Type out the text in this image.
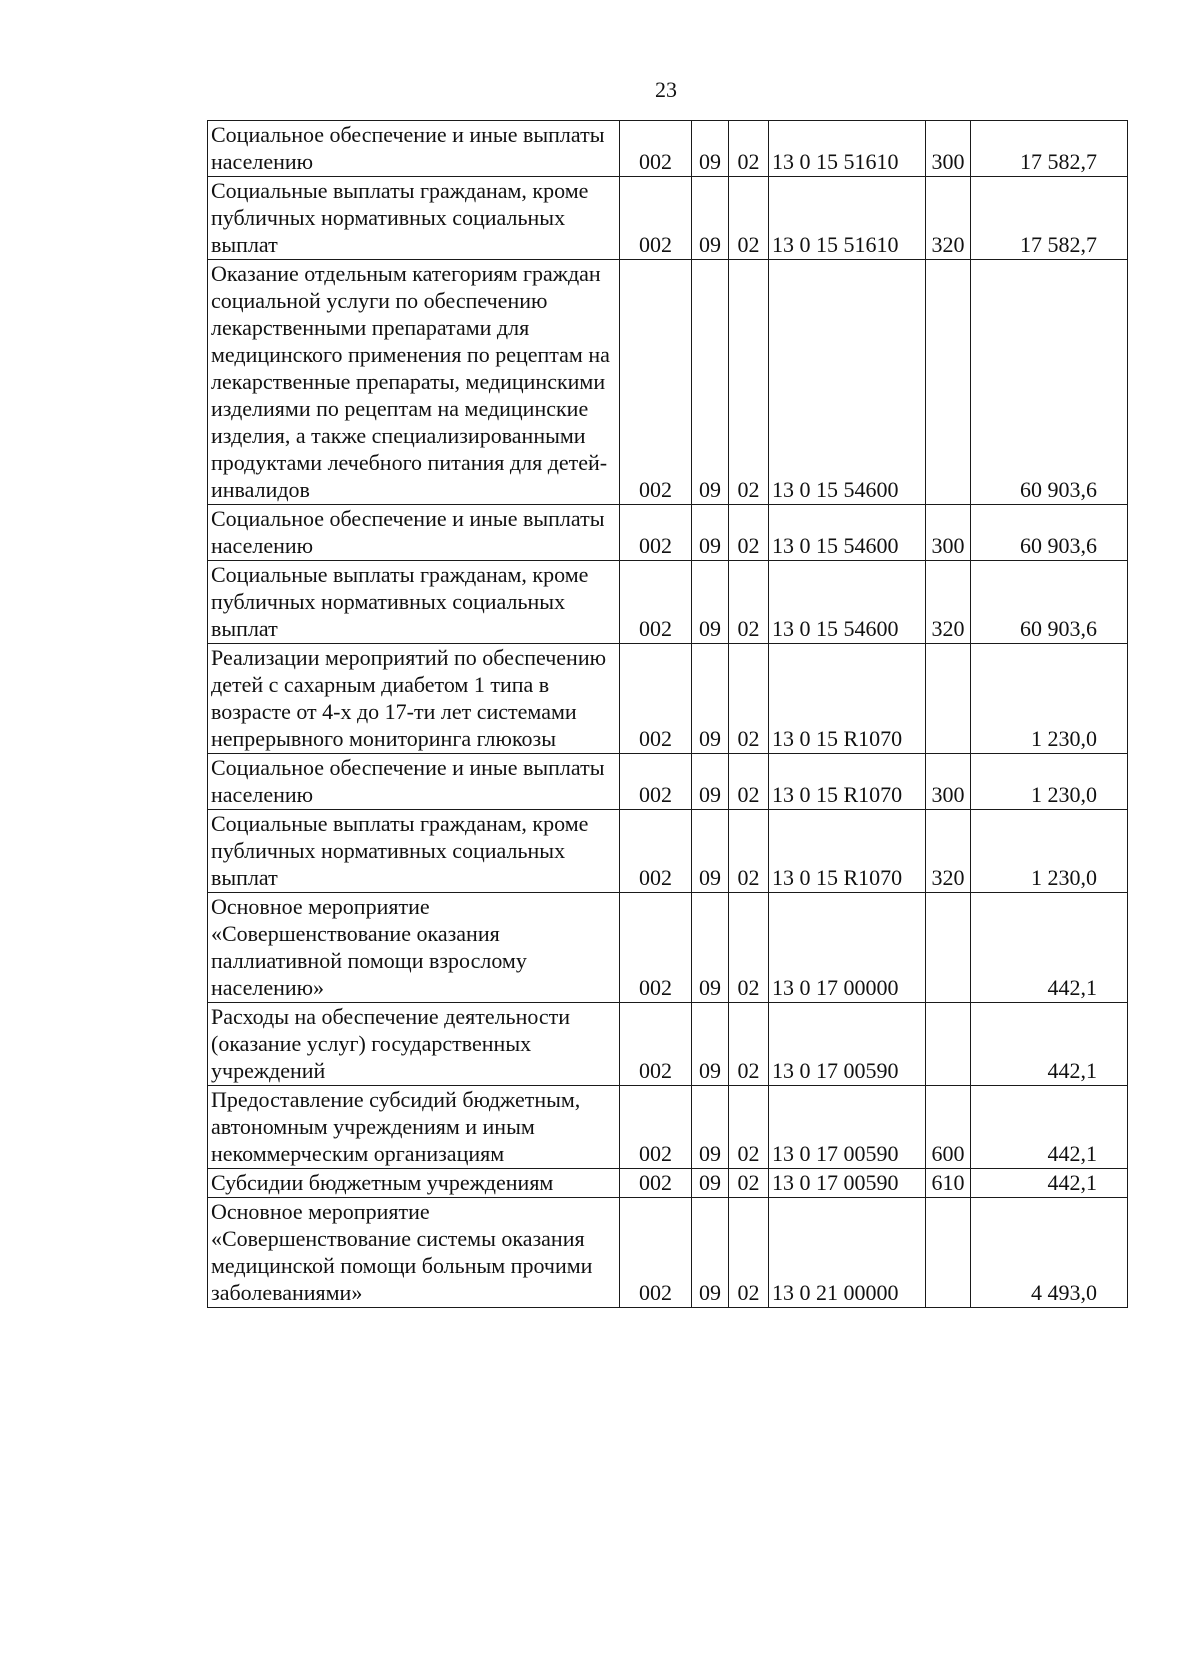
23
Социальное обеспечение и иные выплаты населению	002	09	02	13 0 15 51610	300	17 582,7
Социальные выплаты гражданам, кроме публичных нормативных социальных выплат	002	09	02	13 0 15 51610	320	17 582,7
Оказание отдельным категориям граждан социальной услуги по обеспечению лекарственными препаратами для медицинского применения по рецептам на лекарственные препараты, медицинскими изделиями по рецептам на медицинские изделия, а также специализированными продуктами лечебного питания для детей-инвалидов	002	09	02	13 0 15 54600		60 903,6
Социальное обеспечение и иные выплаты населению	002	09	02	13 0 15 54600	300	60 903,6
Социальные выплаты гражданам, кроме публичных нормативных социальных выплат	002	09	02	13 0 15 54600	320	60 903,6
Реализации мероприятий по обеспечению детей с сахарным диабетом 1 типа в возрасте от 4-х до 17-ти лет системами непрерывного мониторинга глюкозы	002	09	02	13 0 15 R1070		1 230,0
Социальное обеспечение и иные выплаты населению	002	09	02	13 0 15 R1070	300	1 230,0
Социальные выплаты гражданам, кроме публичных нормативных социальных выплат	002	09	02	13 0 15 R1070	320	1 230,0
Основное мероприятие «Совершенствование оказания паллиативной помощи взрослому населению»	002	09	02	13 0 17 00000		442,1
Расходы на обеспечение деятельности (оказание услуг) государственных учреждений	002	09	02	13 0 17 00590		442,1
Предоставление субсидий бюджетным, автономным учреждениям и иным некоммерческим организациям	002	09	02	13 0 17 00590	600	442,1
Субсидии бюджетным учреждениям	002	09	02	13 0 17 00590	610	442,1
Основное мероприятие «Совершенствование системы оказания медицинской помощи больным прочими заболеваниями»	002	09	02	13 0 21 00000		4 493,0
